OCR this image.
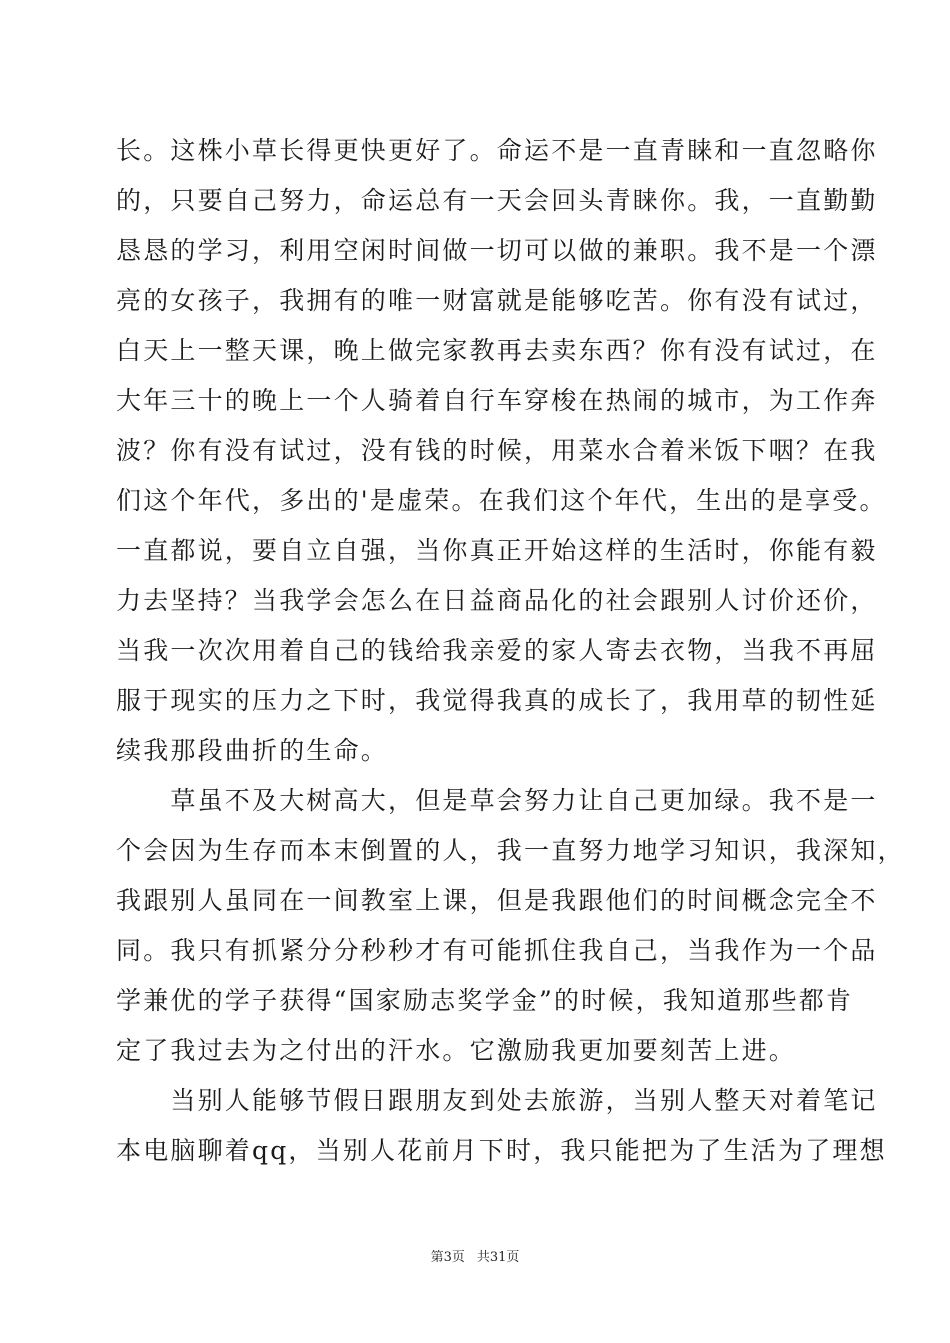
长。这株小草长得更快更好了。命运不是一直青睐和一直忽略你
的，只要自己努力，命运总有一天会回头青睐你。我，一直勤勤
恳恳的学习，利用空闲时间做一切可以做的兼职。我不是一个漂
亮的女孩子，我拥有的唯一财富就是能够吃苦。你有没有试过，
白天上一整天课，晚上做完家教再去卖东西？你有没有试过，在
大年三十的晚上一个人骑着自行车穿梭在热闹的城市，为工作奔
波？你有没有试过，没有钱的时候，用菜水合着米饭下咽？在我
们这个年代，多出的'是虚荣。在我们这个年代，生出的是享受。
一直都说，要自立自强，当你真正开始这样的生活时，你能有毅
力去坚持？当我学会怎么在日益商品化的社会跟别人讨价还价，
当我一次次用着自己的钱给我亲爱的家人寄去衣物，当我不再屈
服于现实的压力之下时，我觉得我真的成长了，我用草的韧性延
续我那段曲折的生命。
　　草虽不及大树高大，但是草会努力让自己更加绿。我不是一
个会因为生存而本末倒置的人，我一直努力地学习知识，我深知，
我跟别人虽同在一间教室上课，但是我跟他们的时间概念完全不
同。我只有抓紧分分秒秒才有可能抓住我自己，当我作为一个品
学兼优的学子获得“国家励志奖学金”的时候，我知道那些都肯
定了我过去为之付出的汗水。它激励我更加要刻苦上进。
　　当别人能够节假日跟朋友到处去旅游，当别人整天对着笔记
本电脑聊着qq，当别人花前月下时，我只能把为了生活为了理想
第3页 共31页
